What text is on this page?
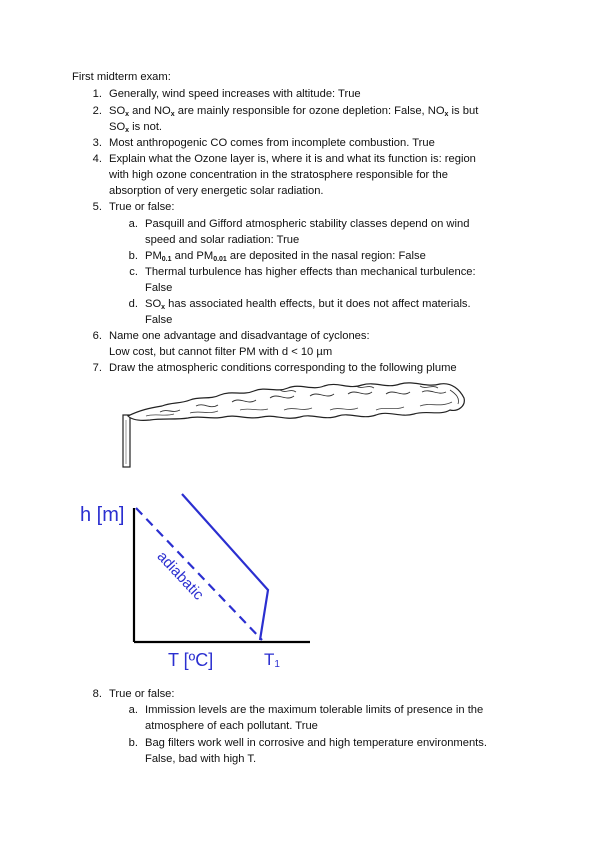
First midterm exam:
1. Generally, wind speed increases with altitude: True
2. $SO_x$ and $NO_x$ are mainly responsible for ozone depletion: False, $NO_x$ is but
$SO_x$ is not.
3. Most anthropogenic CO comes from incomplete combustion. True
4. Explain what the Ozone layer is, where it is and what its function is: region
with high ozone concentration in the stratosphere responsible for the
absorption of very energetic solar radiation.
5. True or false:
a. Pasquill and Gifford atmospheric stability classes depend on wind
speed and solar radiation: True
b. $PM_{0.1}$ and $PM_{0.01}$ are deposited in the nasal region: False
c. Thermal turbulence has higher effects than mechanical turbulence:
False
d. $SO_x$ has associated health effects, but it does not affect materials.
False
6. Name one advantage and disadvantage of cyclones:
Low cost, but cannot filter PM with d < 10 µm
7. Draw the atmospheric conditions corresponding to the following plume
h [m]
T [ºC]	$T_1$
adiabatic
8. True or false:
a. Immission levels are the maximum tolerable limits of presence in the
atmosphere of each pollutant. True
b. Bag filters work well in corrosive and high temperature environments.
False, bad with high T.
